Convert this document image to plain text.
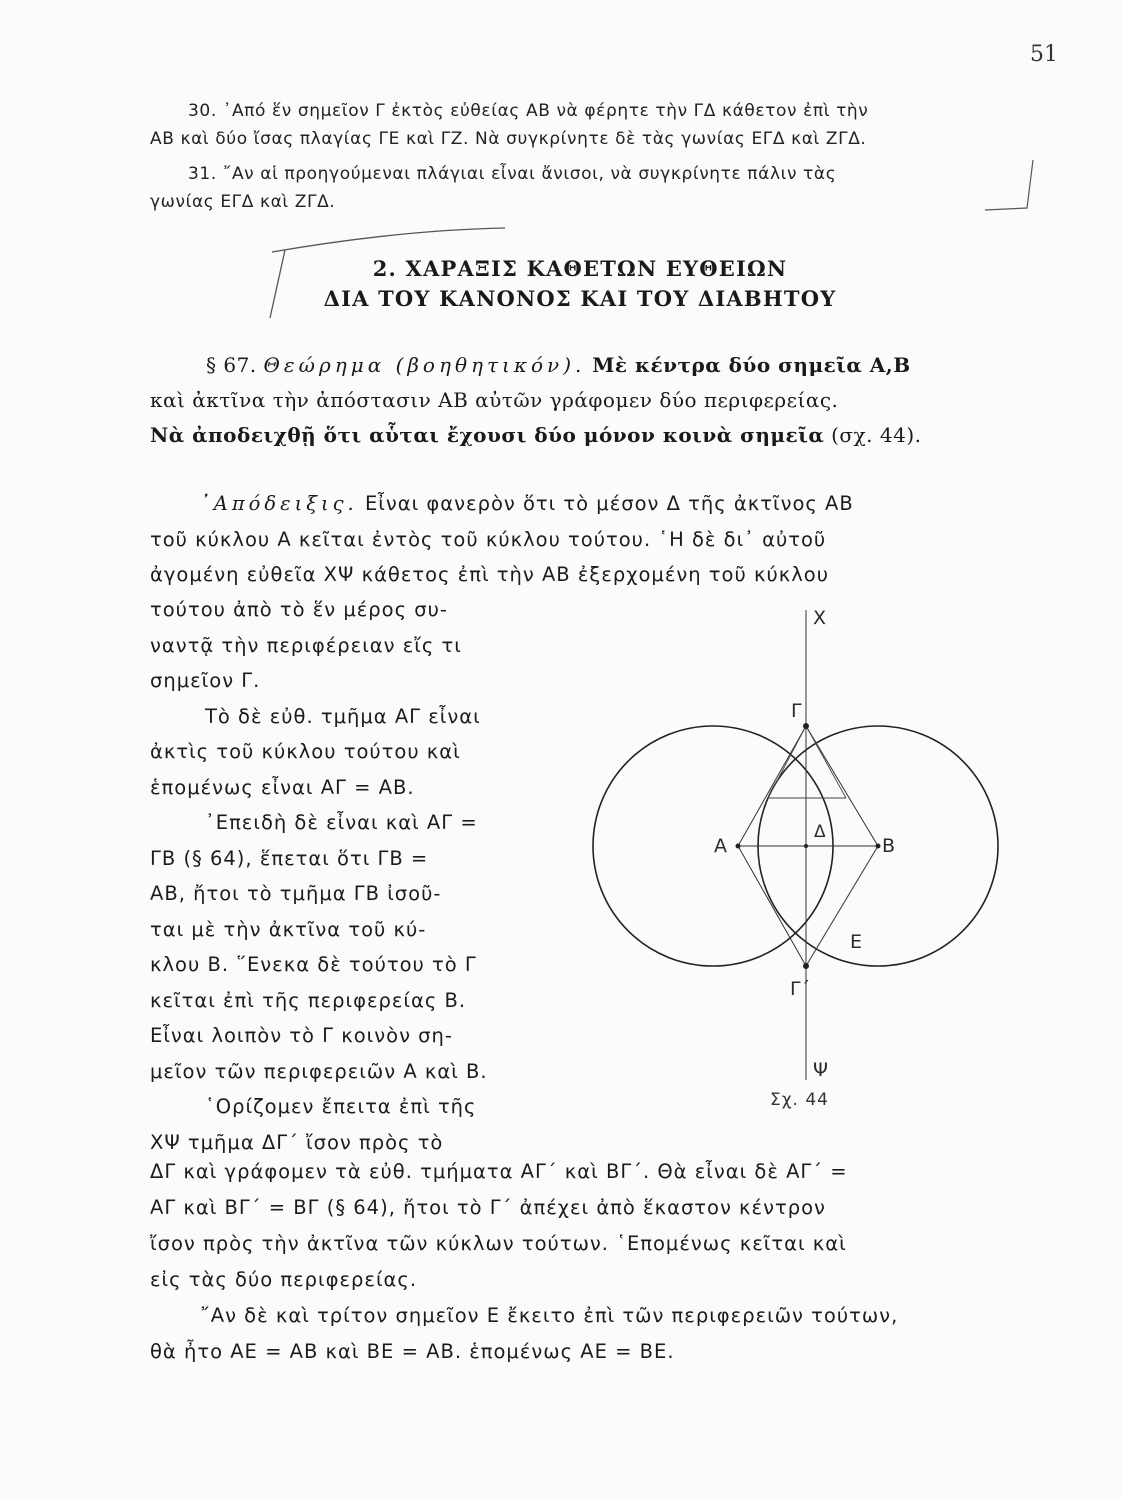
51
30. ᾿Από ἕν σημεῖον Γ ἐκτὸς εὐθείας ΑΒ νὰ φέρητε τὴν ΓΔ κάθετον ἐπὶ τὴν
ΑΒ καὶ δύο ἴσας πλαγίας ΓΕ καὶ ΓΖ. Νὰ συγκρίνητε δὲ τὰς γωνίας ΕΓΔ καὶ ΖΓΔ.
31. ῎Αν αἱ προηγούμεναι πλάγιαι εἶναι ἄνισοι, νὰ συγκρίνητε πάλιν τὰς
γωνίας ΕΓΔ καὶ ΖΓΔ.
2. ΧΑΡΑΞΙΣ ΚΑΘΕΤΩΝ ΕΥΘΕΙΩΝ
ΔΙΑ ΤΟΥ ΚΑΝΟΝΟΣ ΚΑΙ ΤΟΥ ΔΙΑΒΗΤΟΥ
§ 67. Θεώρημα (βοηθητικόν). Μὲ κέντρα δύο σημεῖα Α,Β
καὶ ἀκτῖνα τὴν ἀπόστασιν ΑΒ αὐτῶν γράφομεν δύο περιφερείας.
Νὰ ἀποδειχθῇ ὅτι αὗται ἔχουσι δύο μόνον κοινὰ σημεῖα (σχ. 44).
᾿Απόδειξις. Εἶναι φανερὸν ὅτι τὸ μέσον Δ τῆς ἀκτῖνος ΑΒ
τοῦ κύκλου Α κεῖται ἐντὸς τοῦ κύκλου τούτου. ῾Η δὲ δι᾽ αὐτοῦ
ἀγομένη εὐθεῖα ΧΨ κάθετος ἐπὶ τὴν ΑΒ ἐξερχομένη τοῦ κύκλου
τούτου ἀπὸ τὸ ἕν μέρος συ-
ναντᾷ τὴν περιφέρειαν εἴς τι
σημεῖον Γ.
Τὸ δὲ εὐθ. τμῆμα ΑΓ εἶναι
ἀκτὶς τοῦ κύκλου τούτου καὶ
ἑπομένως εἶναι ΑΓ = ΑΒ.
᾿Επειδὴ δὲ εἶναι καὶ ΑΓ =
ΓΒ (§ 64), ἕπεται ὅτι ΓΒ =
ΑΒ, ἤτοι τὸ τμῆμα ΓΒ ἰσοῦ-
ται μὲ τὴν ἀκτῖνα τοῦ κύ-
κλου Β. ῞Ενεκα δὲ τούτου τὸ Γ
κεῖται ἐπὶ τῆς περιφερείας Β.
Εἶναι λοιπὸν τὸ Γ κοινὸν ση-
μεῖον τῶν περιφερειῶν Α καὶ Β.
῾Ορίζομεν ἔπειτα ἐπὶ τῆς
ΧΨ τμῆμα ΔΓ΄ ἴσον πρὸς τὸ
Χ
Ψ
Γ
Γ΄
Α	Β
Δ
Ε
Σχ. 44
ΔΓ καὶ γράφομεν τὰ εὐθ. τμήματα ΑΓ΄ καὶ ΒΓ΄. Θὰ εἶναι δὲ ΑΓ΄ =
ΑΓ καὶ ΒΓ΄ = ΒΓ (§ 64), ἤτοι τὸ Γ΄ ἀπέχει ἀπὸ ἕκαστον κέντρον
ἴσον πρὸς τὴν ἀκτῖνα τῶν κύκλων τούτων. ῾Επομένως κεῖται καὶ
εἰς τὰς δύο περιφερείας.
῎Αν δὲ καὶ τρίτον σημεῖον Ε ἔκειτο ἐπὶ τῶν περιφερειῶν τούτων,
θὰ ἦτο ΑΕ = ΑΒ καὶ ΒΕ = ΑΒ. ἑπομένως ΑΕ = ΒΕ.
